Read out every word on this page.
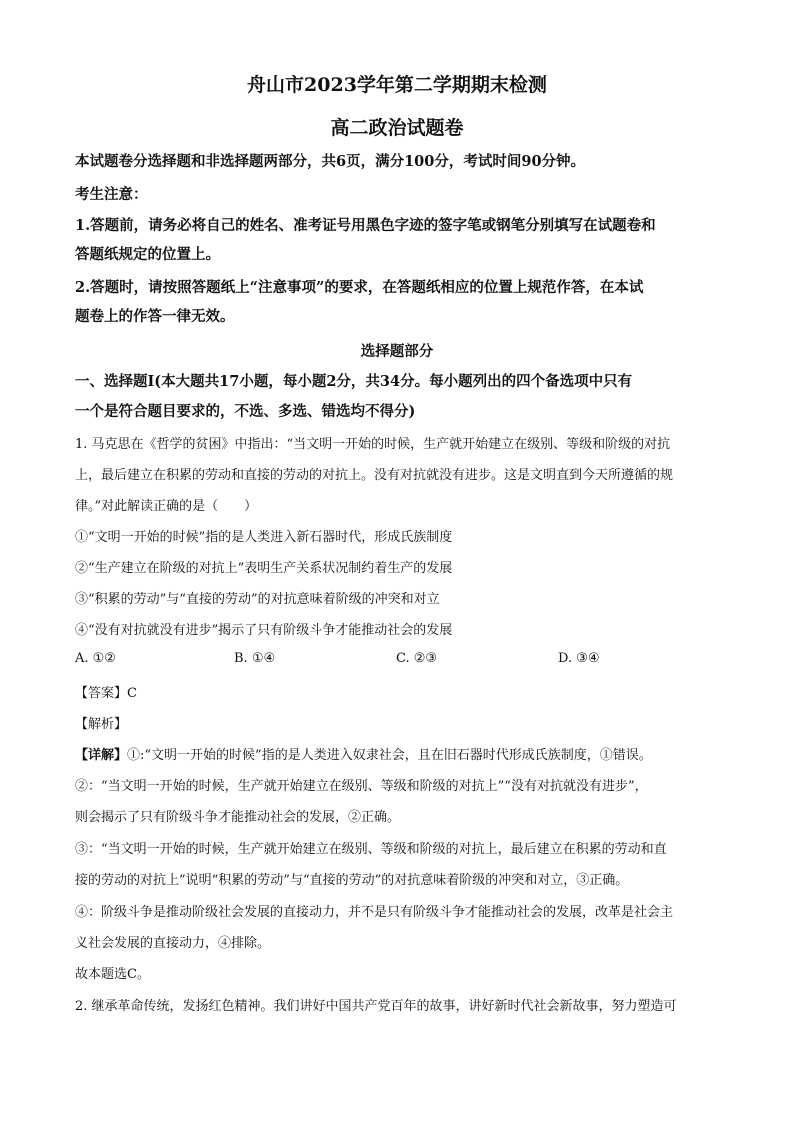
舟山市2023学年第二学期期末检测
高二政治试题卷
本试题卷分选择题和非选择题两部分，共6页，满分100分，考试时间90分钟。
考生注意：
1.答题前，请务必将自己的姓名、准考证号用黑色字迹的签字笔或钢笔分别填写在试题卷和
答题纸规定的位置上。
2.答题时，请按照答题纸上“注意事项”的要求，在答题纸相应的位置上规范作答，在本试
题卷上的作答一律无效。
选择题部分
一、选择题Ⅰ(本大题共17小题，每小题2分，共34分。每小题列出的四个备选项中只有
一个是符合题目要求的，不选、多选、错选均不得分)
1. 马克思在《哲学的贫困》中指出：“当文明一开始的时候，生产就开始建立在级别、等级和阶级的对抗
上，最后建立在积累的劳动和直接的劳动的对抗上。没有对抗就没有进步。这是文明直到今天所遵循的规
律。”对此解读正确的是（　　）
①“文明一开始的时候”指的是人类进入新石器时代，形成氏族制度
②“生产建立在阶级的对抗上”表明生产关系状况制约着生产的发展
③“积累的劳动”与“直接的劳动”的对抗意味着阶级的冲突和对立
④“没有对抗就没有进步”揭示了只有阶级斗争才能推动社会的发展
A. ①②	B. ①④	C. ②③	D. ③④
【答案】C
【解析】
【详解】①:“文明一开始的时候”指的是人类进入奴隶社会，且在旧石器时代形成氏族制度，①错误。
②：“当文明一开始的时候，生产就开始建立在级别、等级和阶级的对抗上”“没有对抗就没有进步”，
则会揭示了只有阶级斗争才能推动社会的发展，②正确。
③：“当文明一开始的时候，生产就开始建立在级别、等级和阶级的对抗上，最后建立在积累的劳动和直
接的劳动的对抗上”说明“积累的劳动”与“直接的劳动”的对抗意味着阶级的冲突和对立，③正确。
④：阶级斗争是推动阶级社会发展的直接动力，并不是只有阶级斗争才能推动社会的发展，改革是社会主
义社会发展的直接动力，④排除。
故本题选C。
2. 继承革命传统，发扬红色精神。我们讲好中国共产党百年的故事，讲好新时代社会新故事，努力塑造可
